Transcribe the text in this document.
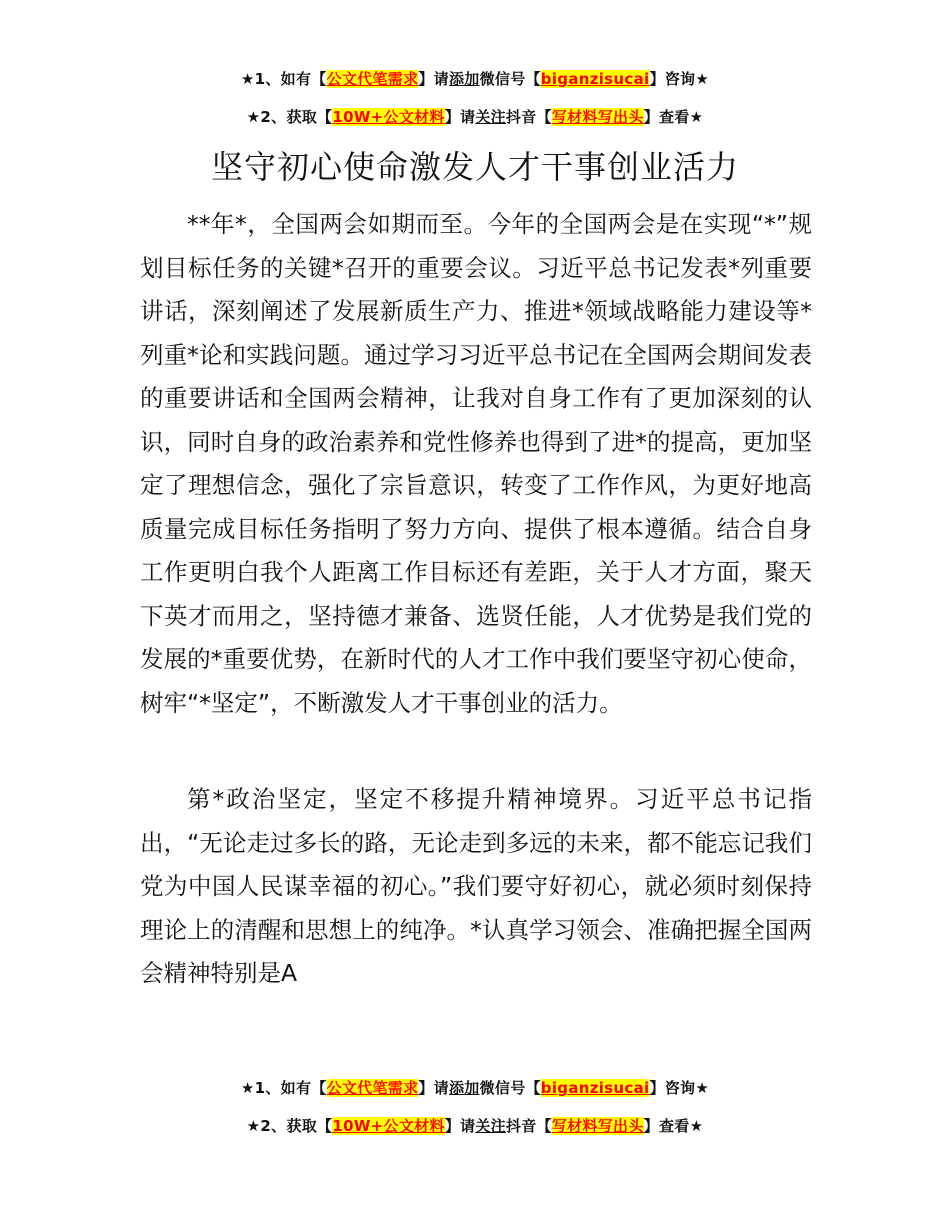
★1、如有【公文代笔需求】请添加微信号【biganzisucai】咨询★
★2、获取【10W+公文材料】请关注抖音【写材料写出头】查看★
坚守初心使命激发人才干事创业活力
**年*，全国两会如期而至。今年的全国两会是在实现“*”规划目标任务的关键*召开的重要会议。习近平总书记发表*列重要讲话，深刻阐述了发展新质生产力、推进*领域战略能力建设等*列重*论和实践问题。通过学习习近平总书记在全国两会期间发表的重要讲话和全国两会精神，让我对自身工作有了更加深刻的认识，同时自身的政治素养和党性修养也得到了进*的提高，更加坚定了理想信念，强化了宗旨意识，转变了工作作风，为更好地高质量完成目标任务指明了努力方向、提供了根本遵循。结合自身工作更明白我个人距离工作目标还有差距，关于人才方面，聚天下英才而用之，坚持德才兼备、选贤任能，人才优势是我们党的发展的*重要优势，在新时代的人才工作中我们要坚守初心使命，树牢“*坚定”，不断激发人才干事创业的活力。
第*政治坚定，坚定不移提升精神境界。习近平总书记指出，“无论走过多长的路，无论走到多远的未来，都不能忘记我们党为中国人民谋幸福的初心。”我们要守好初心，就必须时刻保持理论上的清醒和思想上的纯净。*认真学习领会、准确把握全国两会精神特别是A
★1、如有【公文代笔需求】请添加微信号【biganzisucai】咨询★
★2、获取【10W+公文材料】请关注抖音【写材料写出头】查看★
